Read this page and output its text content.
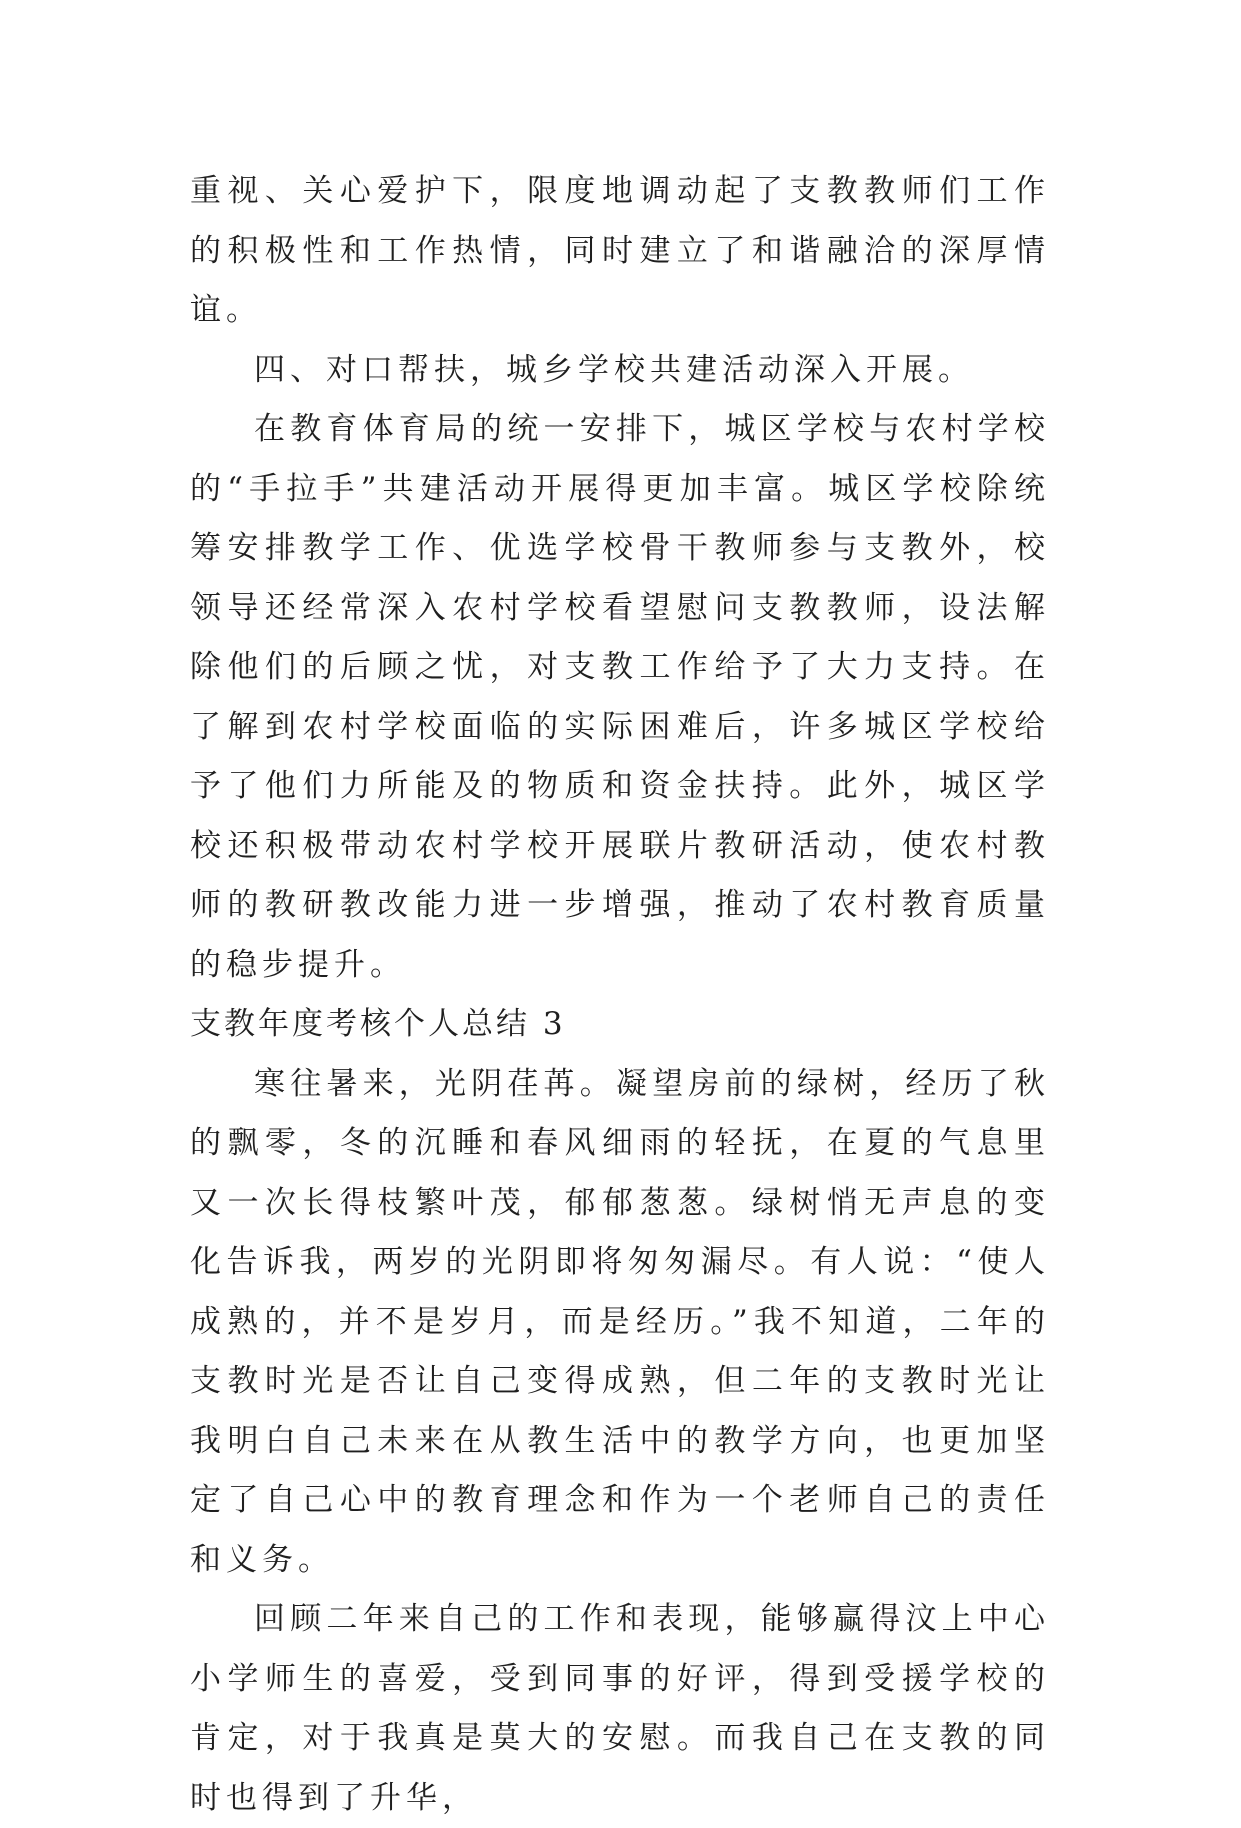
重视、关心爱护下，限度地调动起了支教教师们工作的积极性和工作热情，同时建立了和谐融洽的深厚情谊。

四、对口帮扶，城乡学校共建活动深入开展。

在教育体育局的统一安排下，城区学校与农村学校的“手拉手”共建活动开展得更加丰富。城区学校除统筹安排教学工作、优选学校骨干教师参与支教外，校领导还经常深入农村学校看望慰问支教教师，设法解除他们的后顾之忧，对支教工作给予了大力支持。在了解到农村学校面临的实际困难后，许多城区学校给予了他们力所能及的物质和资金扶持。此外，城区学校还积极带动农村学校开展联片教研活动，使农村教师的教研教改能力进一步增强，推动了农村教育质量的稳步提升。

支教年度考核个人总结 3

寒往暑来，光阴荏苒。凝望房前的绿树，经历了秋的飘零，冬的沉睡和春风细雨的轻抚，在夏的气息里又一次长得枝繁叶茂，郁郁葱葱。绿树悄无声息的变化告诉我，两岁的光阴即将匆匆漏尽。有人说：“使人成熟的，并不是岁月，而是经历。”我不知道，二年的支教时光是否让自己变得成熟，但二年的支教时光让我明白自己未来在从教生活中的教学方向，也更加坚定了自己心中的教育理念和作为一个老师自己的责任和义务。

回顾二年来自己的工作和表现，能够赢得汶上中心小学师生的喜爱，受到同事的好评，得到受援学校的肯定，对于我真是莫大的安慰。而我自己在支教的同时也得到了升华，
